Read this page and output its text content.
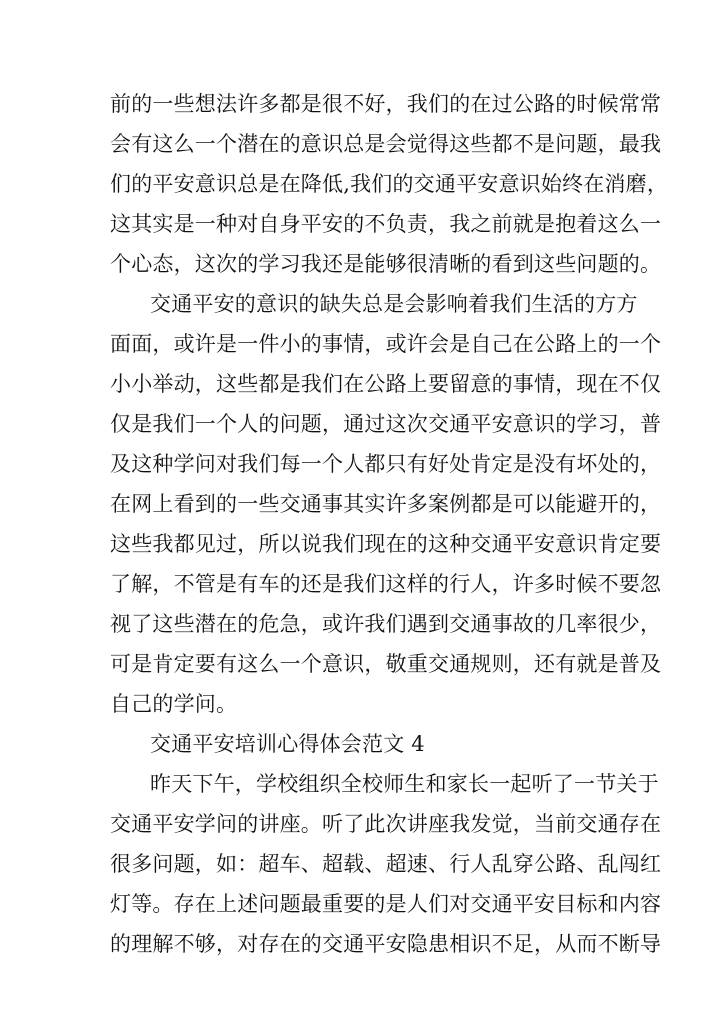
前的一些想法许多都是很不好，我们的在过公路的时候常常
会有这么一个潜在的意识总是会觉得这些都不是问题，最我
们的平安意识总是在降低,我们的交通平安意识始终在消磨，
这其实是一种对自身平安的不负责，我之前就是抱着这么一
个心态，这次的学习我还是能够很清晰的看到这些问题的。
交通平安的意识的缺失总是会影响着我们生活的方方
面面，或许是一件小的事情，或许会是自己在公路上的一个
小小举动，这些都是我们在公路上要留意的事情，现在不仅
仅是我们一个人的问题，通过这次交通平安意识的学习，普
及这种学问对我们每一个人都只有好处肯定是没有坏处的，
在网上看到的一些交通事其实许多案例都是可以能避开的，
这些我都见过，所以说我们现在的这种交通平安意识肯定要
了解，不管是有车的还是我们这样的行人，许多时候不要忽
视了这些潜在的危急，或许我们遇到交通事故的几率很少，
可是肯定要有这么一个意识，敬重交通规则，还有就是普及
自己的学问。
交通平安培训心得体会范文 4
昨天下午，学校组织全校师生和家长一起听了一节关于
交通平安学问的讲座。听了此次讲座我发觉，当前交通存在
很多问题，如：超车、超载、超速、行人乱穿公路、乱闯红
灯等。存在上述问题最重要的是人们对交通平安目标和内容
的理解不够，对存在的交通平安隐患相识不足，从而不断导
